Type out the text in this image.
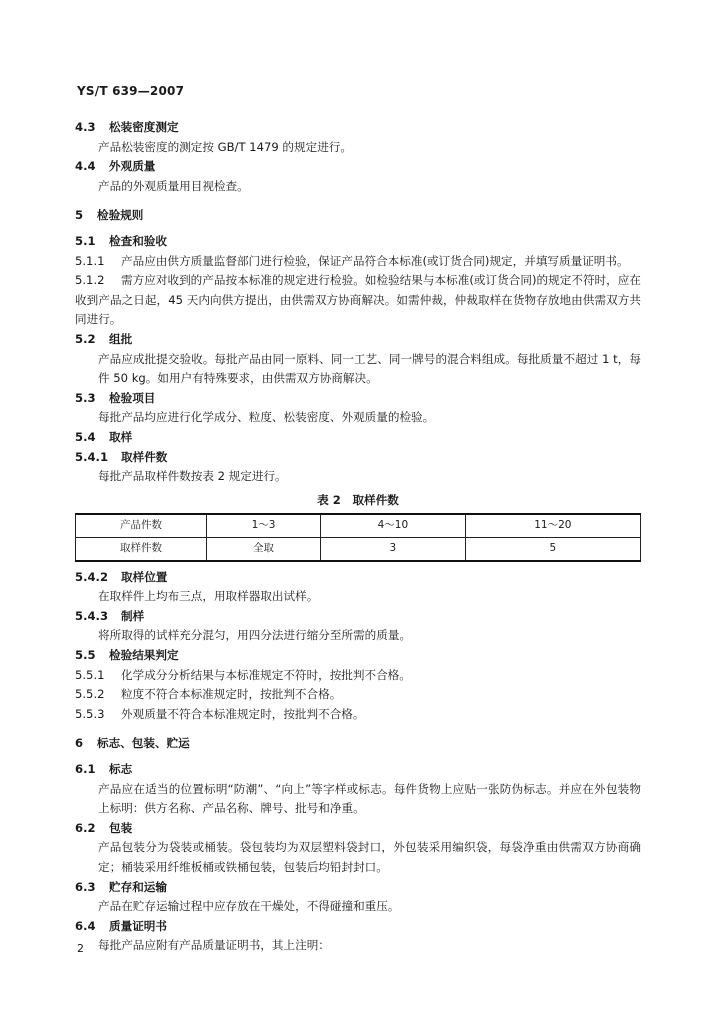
YS/T 639—2007
4.3 松装密度测定
产品松装密度的测定按 GB/T 1479 的规定进行。
4.4 外观质量
产品的外观质量用目视检查。
5 检验规则
5.1 检查和验收
5.1.1 产品应由供方质量监督部门进行检验，保证产品符合本标准(或订货合同)规定，并填写质量证明书。
5.1.2 需方应对收到的产品按本标准的规定进行检验。如检验结果与本标准(或订货合同)的规定不符时，应在收到产品之日起，45 天内向供方提出，由供需双方协商解决。如需仲裁，仲裁取样在货物存放地由供需双方共同进行。
5.2 组批
产品应成批提交验收。每批产品由同一原料、同一工艺、同一牌号的混合料组成。每批质量不超过 1 t，每件 50 kg。如用户有特殊要求，由供需双方协商解决。
5.3 检验项目
每批产品均应进行化学成分、粒度、松装密度、外观质量的检验。
5.4 取样
5.4.1 取样件数
每批产品取样件数按表 2 规定进行。
表 2　取样件数
产品件数	1～3	4～10	11～20
取样件数	全取	3	5
5.4.2 取样位置
在取样件上均布三点，用取样器取出试样。
5.4.3 制样
将所取得的试样充分混匀，用四分法进行缩分至所需的质量。
5.5 检验结果判定
5.5.1 化学成分分析结果与本标准规定不符时，按批判不合格。
5.5.2 粒度不符合本标准规定时，按批判不合格。
5.5.3 外观质量不符合本标准规定时，按批判不合格。
6 标志、包装、贮运
6.1 标志
产品应在适当的位置标明“防潮”、“向上”等字样或标志。每件货物上应贴一张防伪标志。并应在外包装物上标明：供方名称、产品名称、牌号、批号和净重。
6.2 包装
产品包装分为袋装或桶装。袋包装均为双层塑料袋封口，外包装采用编织袋，每袋净重由供需双方协商确定；桶装采用纤维板桶或铁桶包装，包装后均铅封封口。
6.3 贮存和运输
产品在贮存运输过程中应存放在干燥处，不得碰撞和重压。
6.4 质量证明书
每批产品应附有产品质量证明书，其上注明：
2
